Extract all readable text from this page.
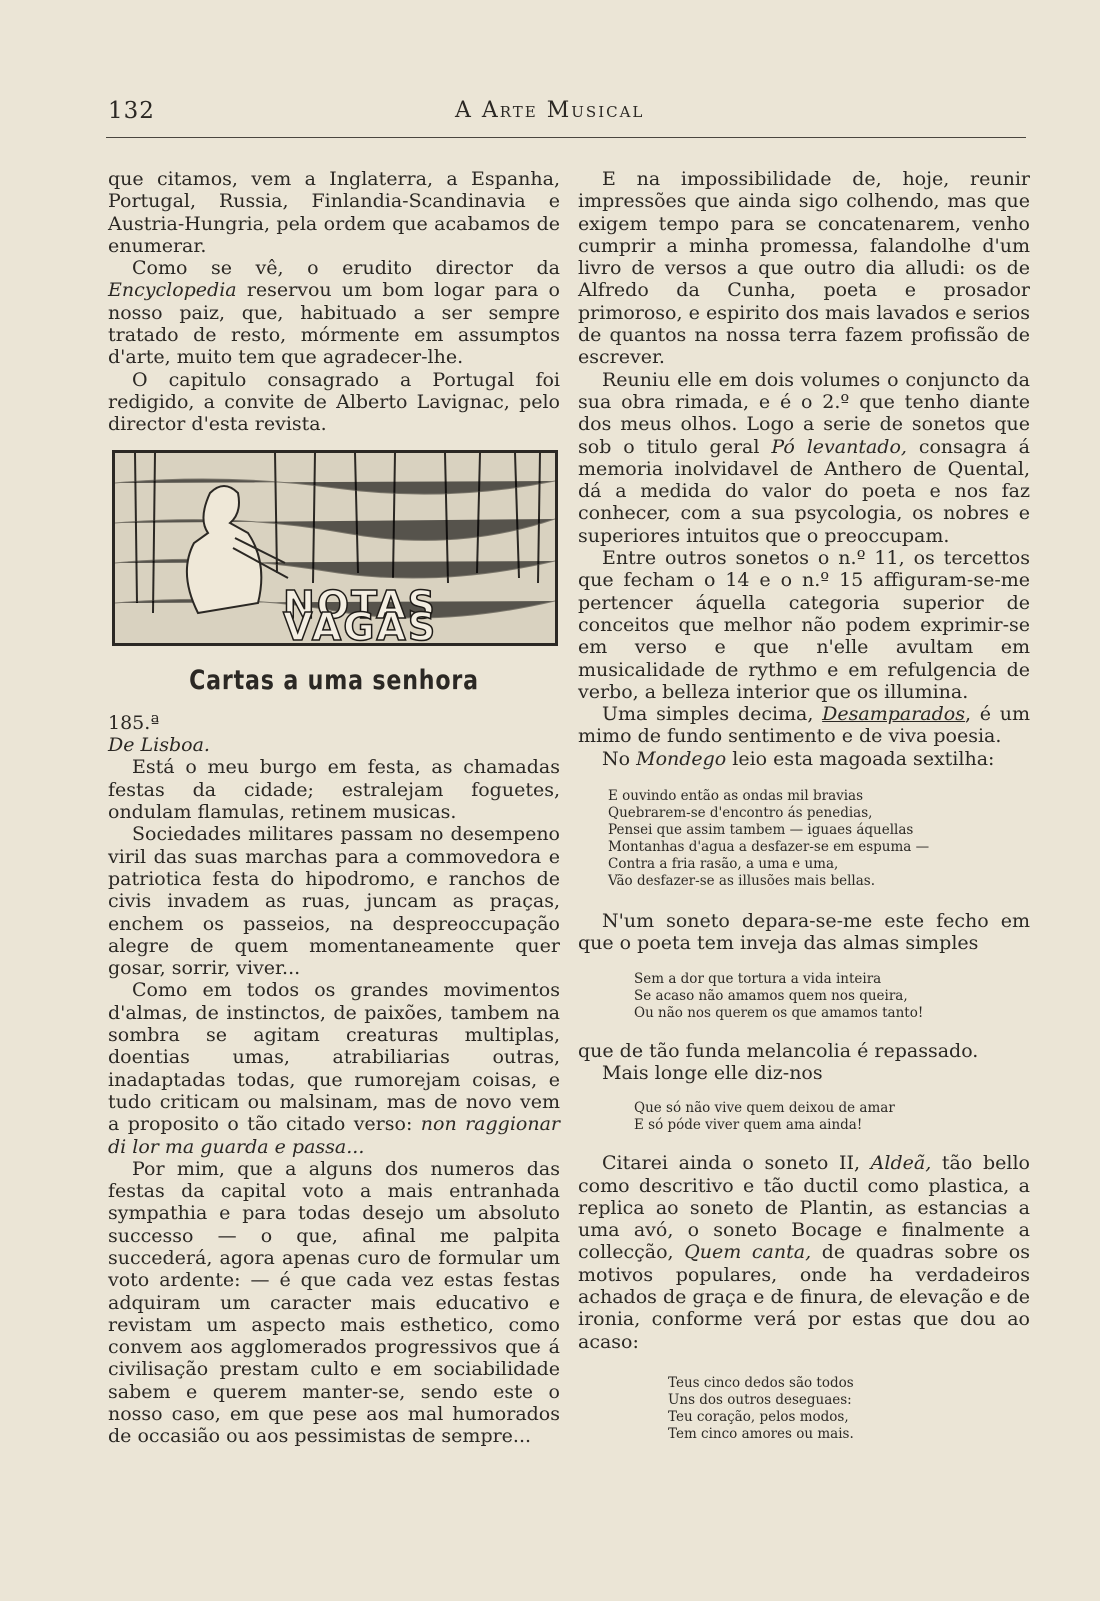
132	A Arte Musical

que citamos, vem a Inglaterra, a Espanha, Portugal, Russia, Finlandia-Scandinavia e Austria-Hungria, pela ordem que acabamos de enumerar.

Como se vê, o erudito director da Encyclopedia reservou um bom logar para o nosso paiz, que, habituado a ser sempre tratado de resto, mórmente em assumptos d'arte, muito tem que agradecer-lhe.

O capitulo consagrado a Portugal foi redigido, a convite de Alberto Lavignac, pelo director d'esta revista.

NOTAS VAGAS
Cartas a uma senhora

185.ª

De Lisboa.

Está o meu burgo em festa, as chamadas festas da cidade; estralejam foguetes, ondulam flamulas, retinem musicas.

Sociedades militares passam no desempeno viril das suas marchas para a commovedora e patriotica festa do hipodromo, e ranchos de civis invadem as ruas, juncam as praças, enchem os passeios, na despreoccupação alegre de quem momentaneamente quer gosar, sorrir, viver...

Como em todos os grandes movimentos d'almas, de instinctos, de paixões, tambem na sombra se agitam creaturas multiplas, doentias umas, atrabiliarias outras, inadaptadas todas, que rumorejam coisas, e tudo criticam ou malsinam, mas de novo vem a proposito o tão citado verso: non raggionar di lor ma guarda e passa...

Por mim, que a alguns dos numeros das festas da capital voto a mais entranhada sympathia e para todas desejo um absoluto successo — o que, afinal me palpita succederá, agora apenas curo de formular um voto ardente: — é que cada vez estas festas adquiram um caracter mais educativo e revistam um aspecto mais esthetico, como convem aos agglomerados progressivos que á civilisação prestam culto e em sociabilidade sabem e querem manter-se, sendo este o nosso caso, em que pese aos mal humorados de occasião ou aos pessimistas de sempre...

E na impossibilidade de, hoje, reunir impressões que ainda sigo colhendo, mas que exigem tempo para se concatenarem, venho cumprir a minha promessa, falandolhe d'um livro de versos a que outro dia alludi: os de Alfredo da Cunha, poeta e prosador primoroso, e espirito dos mais lavados e serios de quantos na nossa terra fazem profissão de escrever.

Reuniu elle em dois volumes o conjuncto da sua obra rimada, e é o 2.º que tenho diante dos meus olhos. Logo a serie de sonetos que sob o titulo geral Pó levantado, consagra á memoria inolvidavel de Anthero de Quental, dá a medida do valor do poeta e nos faz conhecer, com a sua psycologia, os nobres e superiores intuitos que o preoccupam.

Entre outros sonetos o n.º 11, os tercettos que fecham o 14 e o n.º 15 affiguram-se-me pertencer áquella categoria superior de conceitos que melhor não podem exprimir-se em verso e que n'elle avultam em musicalidade de rythmo e em refulgencia de verbo, a belleza interior que os illumina.

Uma simples decima, Desamparados, é um mimo de fundo sentimento e de viva poesia.

No Mondego leio esta magoada sextilha:

E ouvindo então as ondas mil bravias
Quebrarem-se d'encontro ás penedias,
Pensei que assim tambem — iguaes áquellas
Montanhas d'agua a desfazer-se em espuma —
Contra a fria rasão, a uma e uma,
Vão desfazer-se as illusões mais bellas.

N'um soneto depara-se-me este fecho em que o poeta tem inveja das almas simples

Sem a dor que tortura a vida inteira
Se acaso não amamos quem nos queira,
Ou não nos querem os que amamos tanto!

que de tão funda melancolia é repassado.

Mais longe elle diz-nos

Que só não vive quem deixou de amar
E só póde viver quem ama ainda!

Citarei ainda o soneto II, Aldeã, tão bello como descritivo e tão ductil como plastica, a replica ao soneto de Plantin, as estancias a uma avó, o soneto Bocage e finalmente a collecção, Quem canta, de quadras sobre os motivos populares, onde ha verdadeiros achados de graça e de finura, de elevação e de ironia, conforme verá por estas que dou ao acaso:

Teus cinco dedos são todos
Uns dos outros deseguaes:
Teu coração, pelos modos,
Tem cinco amores ou mais.
